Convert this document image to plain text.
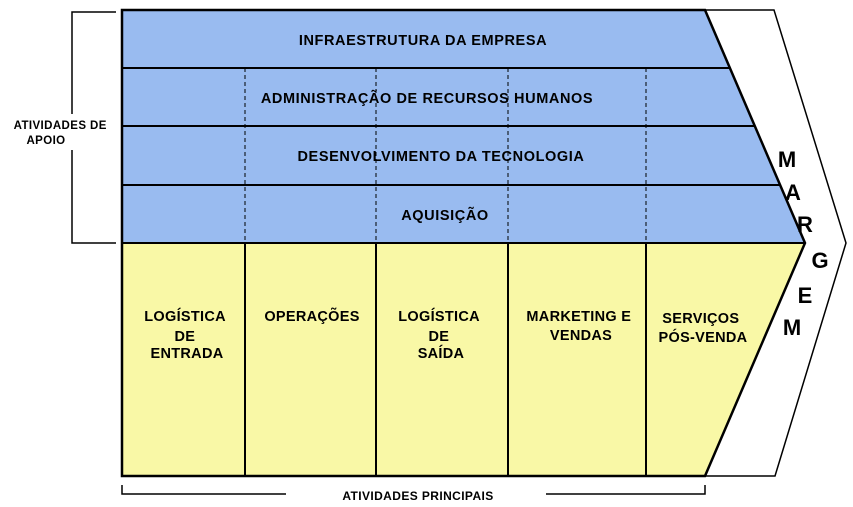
INFRAESTRUTURA DA EMPRESA
ADMINISTRAÇÃO DE RECURSOS HUMANOS
DESENVOLVIMENTO DA TECNOLOGIA
AQUISIÇÃO
LOGÍSTICA DE ENTRADA
OPERAÇÕES	LOGÍSTICA DE SAÍDA
MARKETING E VENDAS
SERVIÇOS PÓS-VENDA
M
A
R
G
E
M
ATIVIDADES DE APOIO
ATIVIDADES PRINCIPAIS
